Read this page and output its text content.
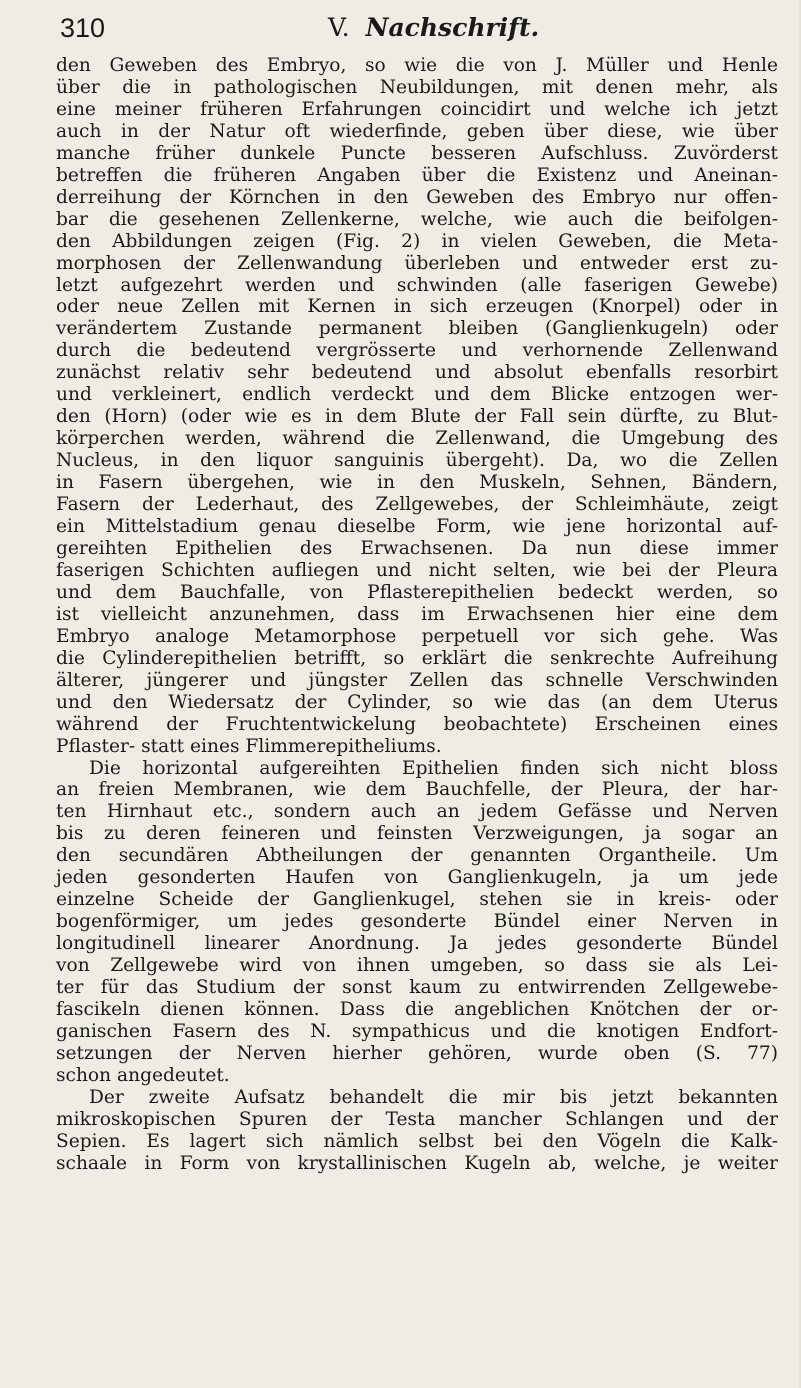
310	V. Nachschrift.
den Geweben des Embryo, so wie die von J. Müller und Henle
über die in pathologischen Neubildungen, mit denen mehr, als
eine meiner früheren Erfahrungen coincidirt und welche ich jetzt
auch in der Natur oft wiederfinde, geben über diese, wie über
manche früher dunkele Puncte besseren Aufschluss. Zuvörderst
betreffen die früheren Angaben über die Existenz und Aneinan-
derreihung der Körnchen in den Geweben des Embryo nur offen-
bar die gesehenen Zellenkerne, welche, wie auch die beifolgen-
den Abbildungen zeigen (Fig. 2) in vielen Geweben, die Meta-
morphosen der Zellenwandung überleben und entweder erst zu-
letzt aufgezehrt werden und schwinden (alle faserigen Gewebe)
oder neue Zellen mit Kernen in sich erzeugen (Knorpel) oder in
verändertem Zustande permanent bleiben (Ganglienkugeln) oder
durch die bedeutend vergrösserte und verhornende Zellenwand
zunächst relativ sehr bedeutend und absolut ebenfalls resorbirt
und verkleinert, endlich verdeckt und dem Blicke entzogen wer-
den (Horn) (oder wie es in dem Blute der Fall sein dürfte, zu Blut-
körperchen werden, während die Zellenwand, die Umgebung des
Nucleus, in den liquor sanguinis übergeht). Da, wo die Zellen
in Fasern übergehen, wie in den Muskeln, Sehnen, Bändern,
Fasern der Lederhaut, des Zellgewebes, der Schleimhäute, zeigt
ein Mittelstadium genau dieselbe Form, wie jene horizontal auf-
gereihten Epithelien des Erwachsenen. Da nun diese immer
faserigen Schichten aufliegen und nicht selten, wie bei der Pleura
und dem Bauchfalle, von Pflasterepithelien bedeckt werden, so
ist vielleicht anzunehmen, dass im Erwachsenen hier eine dem
Embryo analoge Metamorphose perpetuell vor sich gehe. Was
die Cylinderepithelien betrifft, so erklärt die senkrechte Aufreihung
älterer, jüngerer und jüngster Zellen das schnelle Verschwinden
und den Wiedersatz der Cylinder, so wie das (an dem Uterus
während der Fruchtentwickelung beobachtete) Erscheinen eines
Pflaster- statt eines Flimmerepitheliums.
Die horizontal aufgereihten Epithelien finden sich nicht bloss
an freien Membranen, wie dem Bauchfelle, der Pleura, der har-
ten Hirnhaut etc., sondern auch an jedem Gefässe und Nerven
bis zu deren feineren und feinsten Verzweigungen, ja sogar an
den secundären Abtheilungen der genannten Organtheile. Um
jeden gesonderten Haufen von Ganglienkugeln, ja um jede
einzelne Scheide der Ganglienkugel, stehen sie in kreis- oder
bogenförmiger, um jedes gesonderte Bündel einer Nerven in
longitudinell linearer Anordnung. Ja jedes gesonderte Bündel
von Zellgewebe wird von ihnen umgeben, so dass sie als Lei-
ter für das Studium der sonst kaum zu entwirrenden Zellgewebe-
fascikeln dienen können. Dass die angeblichen Knötchen der or-
ganischen Fasern des N. sympathicus und die knotigen Endfort-
setzungen der Nerven hierher gehören, wurde oben (S. 77)
schon angedeutet.
Der zweite Aufsatz behandelt die mir bis jetzt bekannten
mikroskopischen Spuren der Testa mancher Schlangen und der
Sepien. Es lagert sich nämlich selbst bei den Vögeln die Kalk-
schaale in Form von krystallinischen Kugeln ab, welche, je weiter
